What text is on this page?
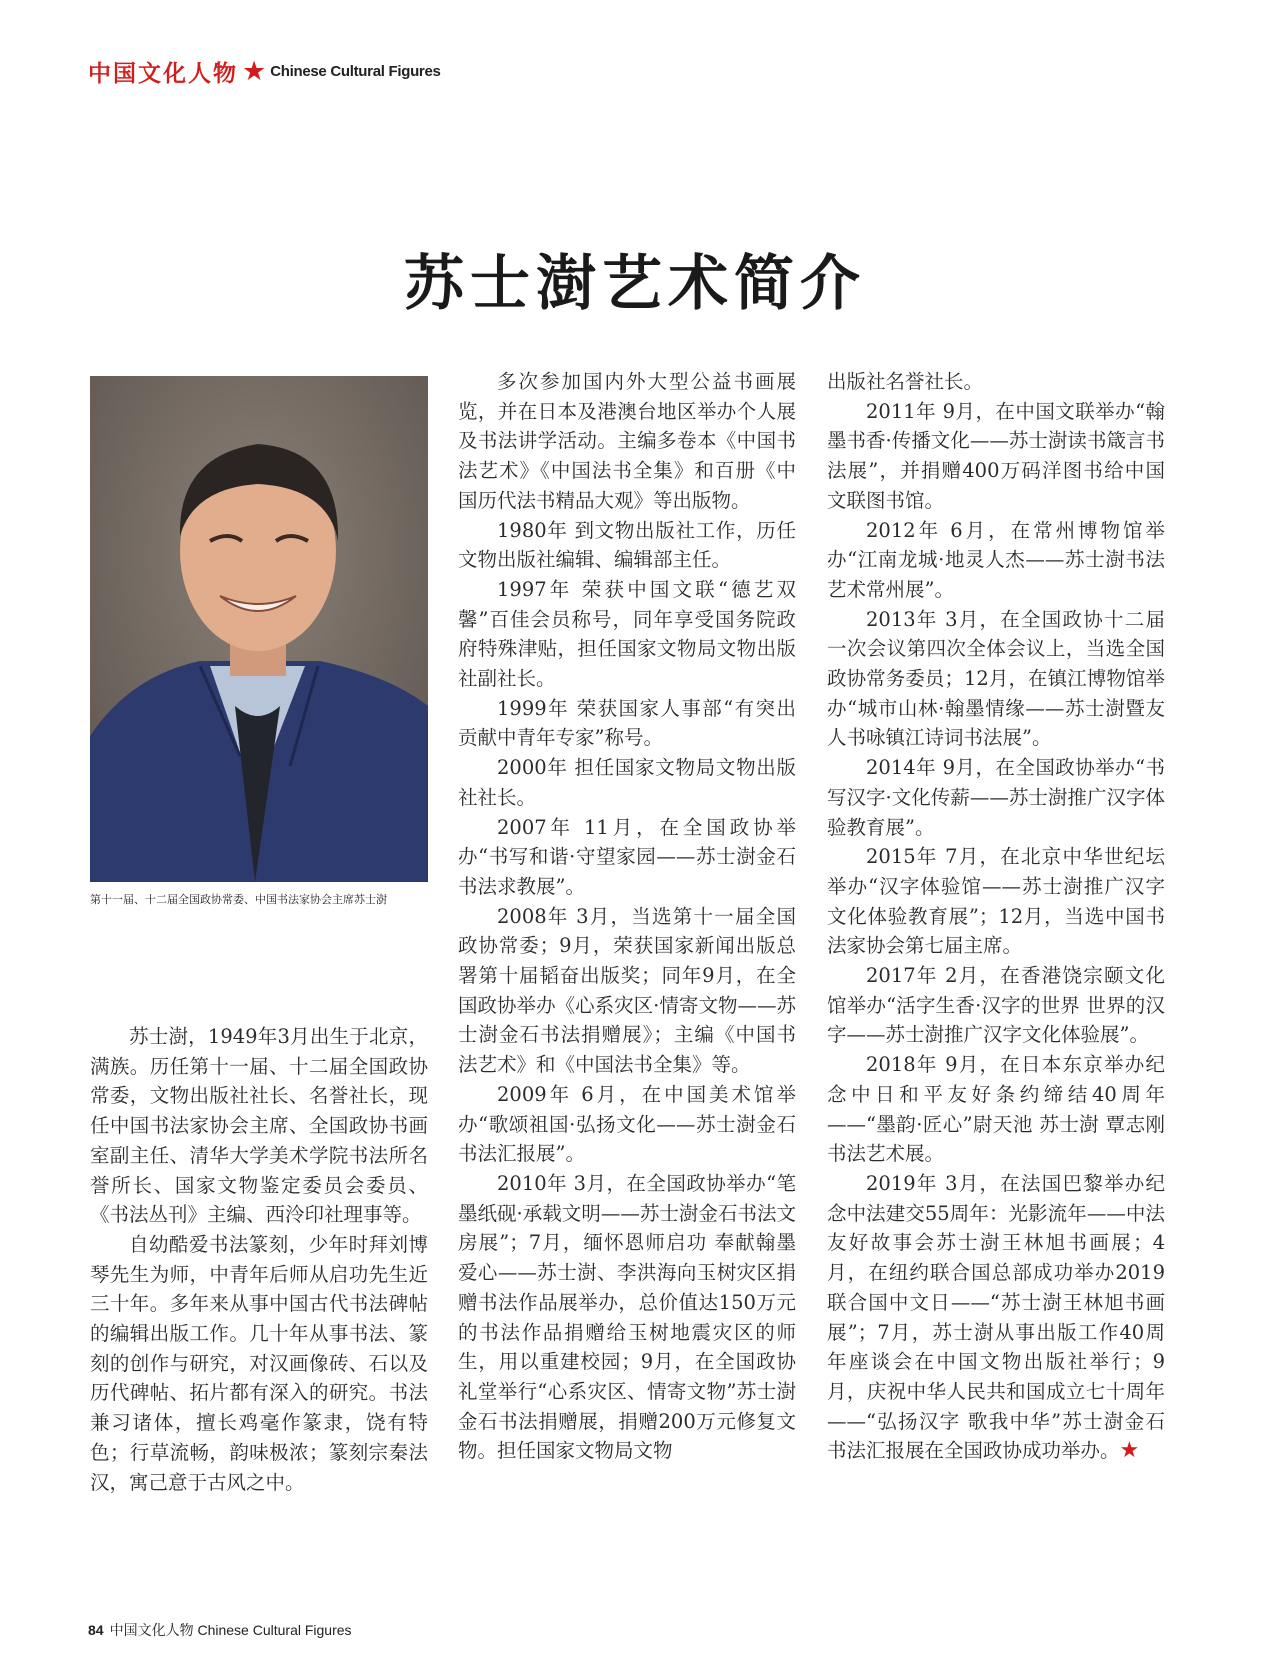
中国文化人物 ★ Chinese Cultural Figures
苏士澍艺术简介
第十一届、十二届全国政协常委、中国书法家协会主席苏士澍

苏士澍，1949年3月出生于北京，满族。历任第十一届、十二届全国政协常委，文物出版社社长、名誉社长，现任中国书法家协会主席、全国政协书画室副主任、清华大学美术学院书法所名誉所长、国家文物鉴定委员会委员、《书法丛刊》主编、西泠印社理事等。

自幼酷爱书法篆刻，少年时拜刘博琴先生为师，中青年后师从启功先生近三十年。多年来从事中国古代书法碑帖的编辑出版工作。几十年从事书法、篆刻的创作与研究，对汉画像砖、石以及历代碑帖、拓片都有深入的研究。书法兼习诸体，擅长鸡毫作篆隶，饶有特色；行草流畅，韵味极浓；篆刻宗秦法汉，寓己意于古风之中。

多次参加国内外大型公益书画展览，并在日本及港澳台地区举办个人展及书法讲学活动。主编多卷本《中国书法艺术》《中国法书全集》和百册《中国历代法书精品大观》等出版物。

1980年 到文物出版社工作，历任文物出版社编辑、编辑部主任。

1997年 荣获中国文联“德艺双馨”百佳会员称号，同年享受国务院政府特殊津贴，担任国家文物局文物出版社副社长。

1999年 荣获国家人事部“有突出贡献中青年专家”称号。

2000年 担任国家文物局文物出版社社长。

2007年 11月，在全国政协举办“书写和谐·守望家园——苏士澍金石书法求教展”。

2008年 3月，当选第十一届全国政协常委；9月，荣获国家新闻出版总署第十届韬奋出版奖；同年9月，在全国政协举办《心系灾区·情寄文物——苏士澍金石书法捐赠展》；主编《中国书法艺术》和《中国法书全集》等。

2009年 6月，在中国美术馆举办“歌颂祖国·弘扬文化——苏士澍金石书法汇报展”。

2010年 3月，在全国政协举办“笔墨纸砚·承载文明——苏士澍金石书法文房展”；7月，缅怀恩师启功 奉献翰墨爱心——苏士澍、李洪海向玉树灾区捐赠书法作品展举办，总价值达150万元的书法作品捐赠给玉树地震灾区的师生，用以重建校园；9月，在全国政协礼堂举行“心系灾区、情寄文物”苏士澍金石书法捐赠展，捐赠200万元修复文物。担任国家文物局文物

出版社名誉社长。

2011年 9月，在中国文联举办“翰墨书香·传播文化——苏士澍读书箴言书法展”，并捐赠400万码洋图书给中国文联图书馆。

2012年 6月，在常州博物馆举办“江南龙城·地灵人杰——苏士澍书法艺术常州展”。

2013年 3月，在全国政协十二届一次会议第四次全体会议上，当选全国政协常务委员；12月，在镇江博物馆举办“城市山林·翰墨情缘——苏士澍暨友人书咏镇江诗词书法展”。

2014年 9月，在全国政协举办“书写汉字·文化传薪——苏士澍推广汉字体验教育展”。

2015年 7月，在北京中华世纪坛举办“汉字体验馆——苏士澍推广汉字文化体验教育展”；12月，当选中国书法家协会第七届主席。

2017年 2月，在香港饶宗颐文化馆举办“活字生香·汉字的世界 世界的汉字——苏士澍推广汉字文化体验展”。

2018年 9月，在日本东京举办纪念中日和平友好条约缔结40周年——“墨韵·匠心”尉天池 苏士澍 覃志刚书法艺术展。

2019年 3月，在法国巴黎举办纪念中法建交55周年：光影流年——中法友好故事会苏士澍王林旭书画展；4月，在纽约联合国总部成功举办2019联合国中文日——“苏士澍王林旭书画展”；7月，苏士澍从事出版工作40周年座谈会在中国文物出版社举行；9月，庆祝中华人民共和国成立七十周年——“弘扬汉字 歌我中华”苏士澍金石书法汇报展在全国政协成功举办。★

84 中国文化人物 Chinese Cultural Figures
